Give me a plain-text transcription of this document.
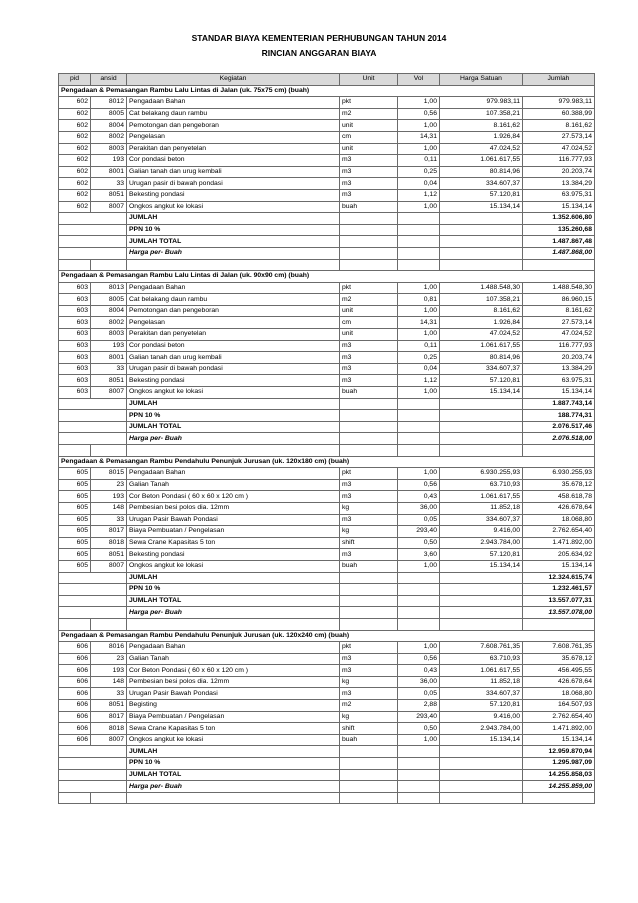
STANDAR BIAYA KEMENTERIAN PERHUBUNGAN TAHUN 2014
RINCIAN ANGGARAN BIAYA
pid	ansid	Kegiatan	Unit	Vol	Harga Satuan	Jumlah
Pengadaan & Pemasangan Rambu Lalu Lintas di Jalan (uk. 75x75 cm) (buah)						
602	8012	Pengadaan Bahan	pkt	1,00	979.983,11	979.983,11
602	8005	Cat belakang daun rambu	m2	0,56	107.358,21	60.388,99
602	8004	Pemotongan dan pengeboran	unit	1,00	8.161,62	8.161,62
602	8002	Pengelasan	cm	14,31	1.926,84	27.573,14
602	8003	Perakitan dan penyetelan	unit	1,00	47.024,52	47.024,52
602	193	Cor pondasi beton	m3	0,11	1.061.617,55	116.777,93
602	8001	Galian tanah dan urug kembali	m3	0,25	80.814,96	20.203,74
602	33	Urugan pasir di bawah pondasi	m3	0,04	334.607,37	13.384,29
602	8051	Bekesting pondasi	m3	1,12	57.120,81	63.975,31
602	8007	Ongkos angkut ke lokasi	buah	1,00	15.134,14	15.134,14
		JUMLAH				1.352.606,80
		PPN 10 %				135.260,68
		JUMLAH TOTAL				1.487.867,48
		Harga per- Buah				1.487.868,00

Pengadaan & Pemasangan Rambu Lalu Lintas di Jalan (uk. 90x90 cm) (buah)						
603	8013	Pengadaan Bahan	pkt	1,00	1.488.548,30	1.488.548,30
603	8005	Cat belakang daun rambu	m2	0,81	107.358,21	86.960,15
603	8004	Pemotongan dan pengeboran	unit	1,00	8.161,62	8.161,62
603	8002	Pengelasan	cm	14,31	1.926,84	27.573,14
603	8003	Perakitan dan penyetelan	unit	1,00	47.024,52	47.024,52
603	193	Cor pondasi beton	m3	0,11	1.061.617,55	116.777,93
603	8001	Galian tanah dan urug kembali	m3	0,25	80.814,96	20.203,74
603	33	Urugan pasir di bawah pondasi	m3	0,04	334.607,37	13.384,29
603	8051	Bekesting pondasi	m3	1,12	57.120,81	63.975,31
603	8007	Ongkos angkut ke lokasi	buah	1,00	15.134,14	15.134,14
		JUMLAH				1.887.743,14
		PPN 10 %				188.774,31
		JUMLAH TOTAL				2.076.517,46
		Harga per- Buah				2.076.518,00

Pengadaan & Pemasangan Rambu Pendahulu Penunjuk Jurusan (uk. 120x180 cm) (buah)						
605	8015	Pengadaan Bahan	pkt	1,00	6.930.255,93	6.930.255,93
605	23	Galian Tanah	m3	0,56	63.710,93	35.678,12
605	193	Cor Beton Pondasi ( 60 x 60 x 120 cm )	m3	0,43	1.061.617,55	458.618,78
605	148	Pembesian besi polos dia. 12mm	kg	36,00	11.852,18	426.678,64
605	33	Urugan Pasir Bawah Pondasi	m3	0,05	334.607,37	18.068,80
605	8017	Biaya Pembuatan / Pengelasan	kg	293,40	9.416,00	2.762.654,40
605	8018	Sewa Crane Kapasitas 5 ton	shift	0,50	2.943.784,00	1.471.892,00
605	8051	Bekesting pondasi	m3	3,60	57.120,81	205.634,92
605	8007	Ongkos angkut ke lokasi	buah	1,00	15.134,14	15.134,14
		JUMLAH				12.324.615,74
		PPN 10 %				1.232.461,57
		JUMLAH TOTAL				13.557.077,31
		Harga per- Buah				13.557.078,00

Pengadaan & Pemasangan Rambu Pendahulu Penunjuk Jurusan (uk. 120x240 cm) (buah)						
606	8016	Pengadaan Bahan	pkt	1,00	7.608.761,35	7.608.761,35
606	23	Galian Tanah	m3	0,56	63.710,93	35.678,12
606	193	Cor Beton Pondasi ( 60 x 60 x 120 cm )	m3	0,43	1.061.617,55	456.495,55
606	148	Pembesian besi polos dia. 12mm	kg	36,00	11.852,18	426.678,64
606	33	Urugan Pasir Bawah Pondasi	m3	0,05	334.607,37	18.068,80
606	8051	Begisting	m2	2,88	57.120,81	164.507,93
606	8017	Biaya Pembuatan / Pengelasan	kg	293,40	9.416,00	2.762.654,40
606	8018	Sewa Crane Kapasitas 5 ton	shift	0,50	2.943.784,00	1.471.892,00
606	8007	Ongkos angkut ke lokasi	buah	1,00	15.134,14	15.134,14
		JUMLAH				12.959.870,94
		PPN 10 %				1.295.987,09
		JUMLAH TOTAL				14.255.858,03
		Harga per- Buah				14.255.859,00
